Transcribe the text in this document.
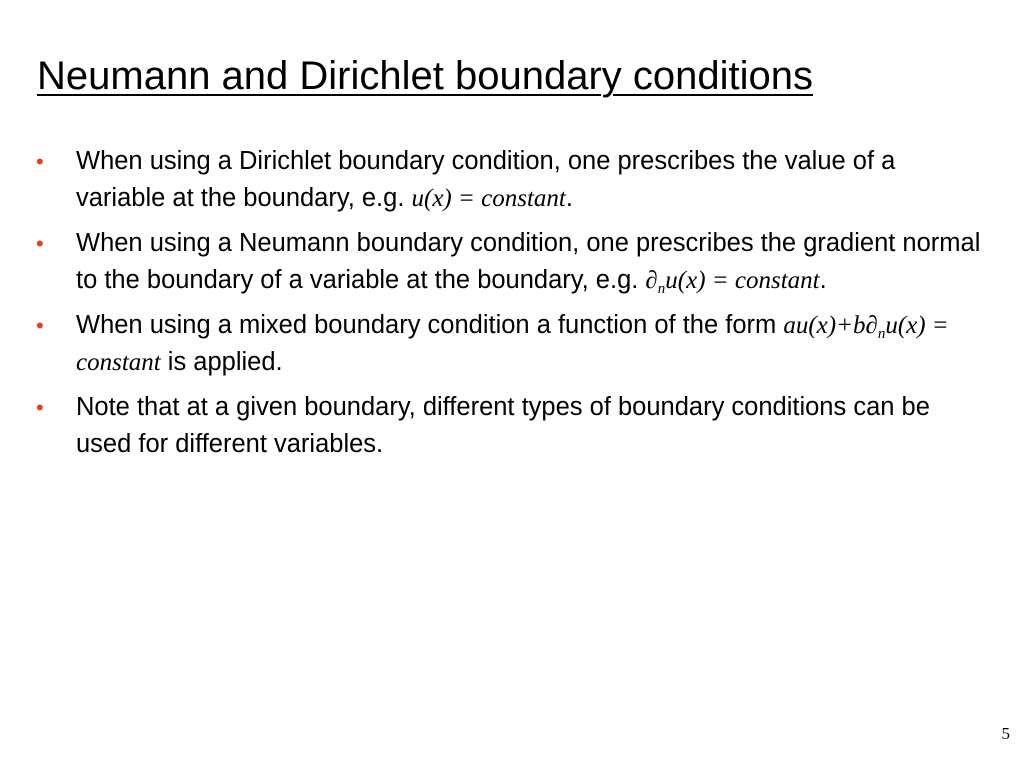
Neumann and Dirichlet boundary conditions
• When using a Dirichlet boundary condition, one prescribes the value of a variable at the boundary, e.g. u(x) = constant.
• When using a Neumann boundary condition, one prescribes the gradient normal to the boundary of a variable at the boundary, e.g. $\partial_nu(x)$ = constant.
• When using a mixed boundary condition a function of the form $au(x)+b\partial_nu(x)$ = constant is applied.
• Note that at a given boundary, different types of boundary conditions can be used for different variables.
5
